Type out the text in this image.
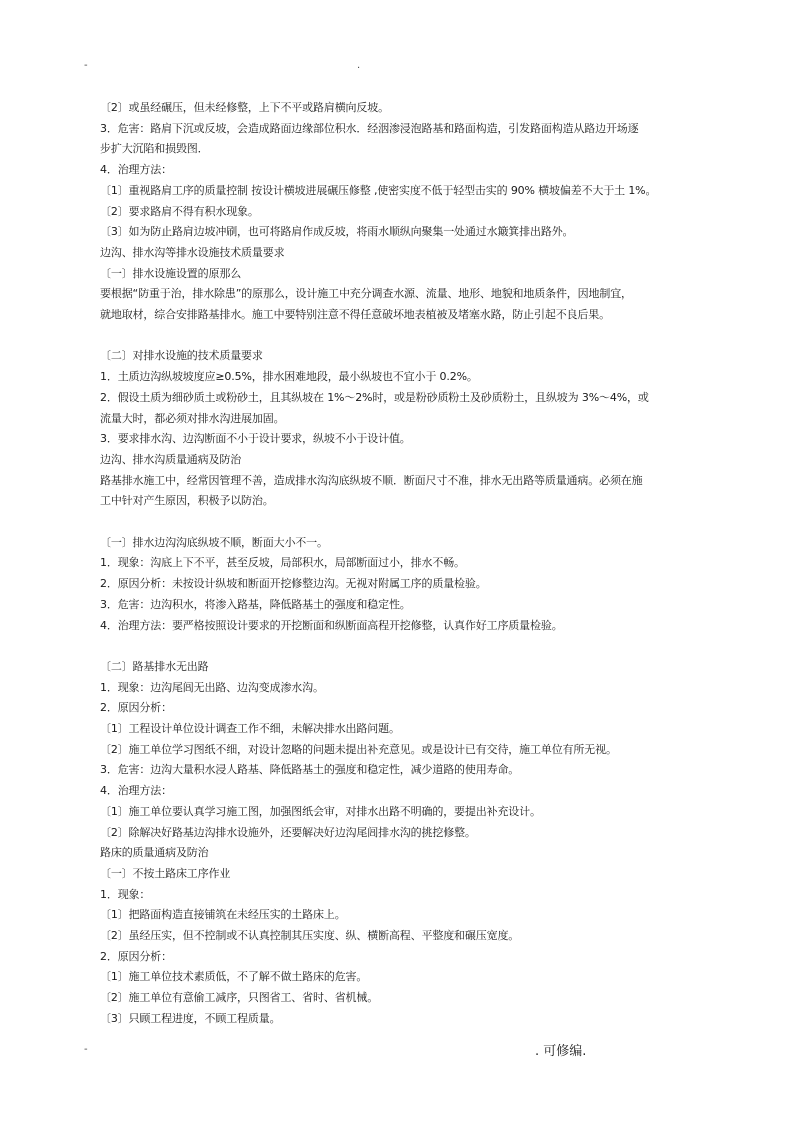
-	.
〔2〕或虽经碾压，但未经修整，上下不平或路肩横向反坡。
3．危害：路肩下沉或反坡，会造成路面边缘部位积水．经洇渗浸泡路基和路面构造，引发路面构造从路边开场逐
步扩大沉陷和损毁图．
4．治理方法：
〔1〕重视路肩工序的质量控制 按设计横坡进展碾压修整 ,使密实度不低于轻型击实的 90% 横坡偏差不大于土 1%。
〔2〕要求路肩不得有积水现象。
〔3〕如为防止路肩边坡冲刷，也可将路肩作成反坡，将雨水顺纵向聚集一处通过水簸箕排出路外。
边沟、排水沟等排水设施技术质量要求
〔一〕排水设施设置的原那么
要根据“防重于治，排水除患”的原那么，设计施工中充分调查水源、流量、地形、地貌和地质条件，因地制宜，
就地取材，综合安排路基排水。施工中要特别注意不得任意破坏地表植被及堵塞水路，防止引起不良后果。
〔二〕对排水设施的技术质量要求
1．土质边沟纵坡坡度应≥0.5%，排水困难地段，最小纵坡也不宜小于 0.2%。
2．假设土质为细砂质土或粉砂土，且其纵坡在 1%～2%时，或是粉砂质粉土及砂质粉土，且纵坡为 3%～4%，或
流量大时，都必须对排水沟进展加固。
3．要求排水沟、边沟断面不小于设计要求，纵坡不小于设计值。
边沟、排水沟质量通病及防治
路基排水施工中，经常因管理不善，造成排水沟沟底纵坡不顺．断面尺寸不准，排水无出路等质量通病。必须在施
工中针对产生原因，积极予以防治。
〔一〕排水边沟沟底纵坡不顺，断面大小不一。
1．现象：沟底上下不平，甚至反坡，局部积水，局部断面过小，排水不畅。
2．原因分析：未按设计纵坡和断面开挖修整边沟。无视对附属工序的质量检验。
3．危害：边沟积水，将渗入路基，降低路基土的强度和稳定性。
4．治理方法：要严格按照设计要求的开挖断面和纵断面高程开挖修整，认真作好工序质量检验。
〔二〕路基排水无出路
1．现象：边沟尾闾无出路、边沟变成渗水沟。
2．原因分析：
〔1〕工程设计单位设计调查工作不细，未解决排水出路问题。
〔2〕施工单位学习图纸不细，对设计忽略的问题未提出补充意见。或是设计已有交待，施工单位有所无视。
3．危害：边沟大量积水浸人路基、降低路基土的强度和稳定性，减少道路的使用寿命。
4．治理方法：
〔1〕施工单位要认真学习施工图，加强图纸会审，对排水出路不明确的，要提出补充设计。
〔2〕除解决好路基边沟排水设施外，还要解决好边沟尾闾排水沟的挑挖修整。
路床的质量通病及防治
〔一〕不按土路床工序作业
1．现象：
〔1〕把路面构造直接铺筑在未经压实的土路床上。
〔2〕虽经压实，但不控制或不认真控制其压实度、纵、横断高程、平整度和碾压宽度。
2．原因分析：
〔1〕施工单位技术素质低，不了解不做土路床的危害。
〔2〕施工单位有意偷工减序，只图省工、省时、省机械。
〔3〕只顾工程进度，不顾工程质量。
-	. 可修编.
